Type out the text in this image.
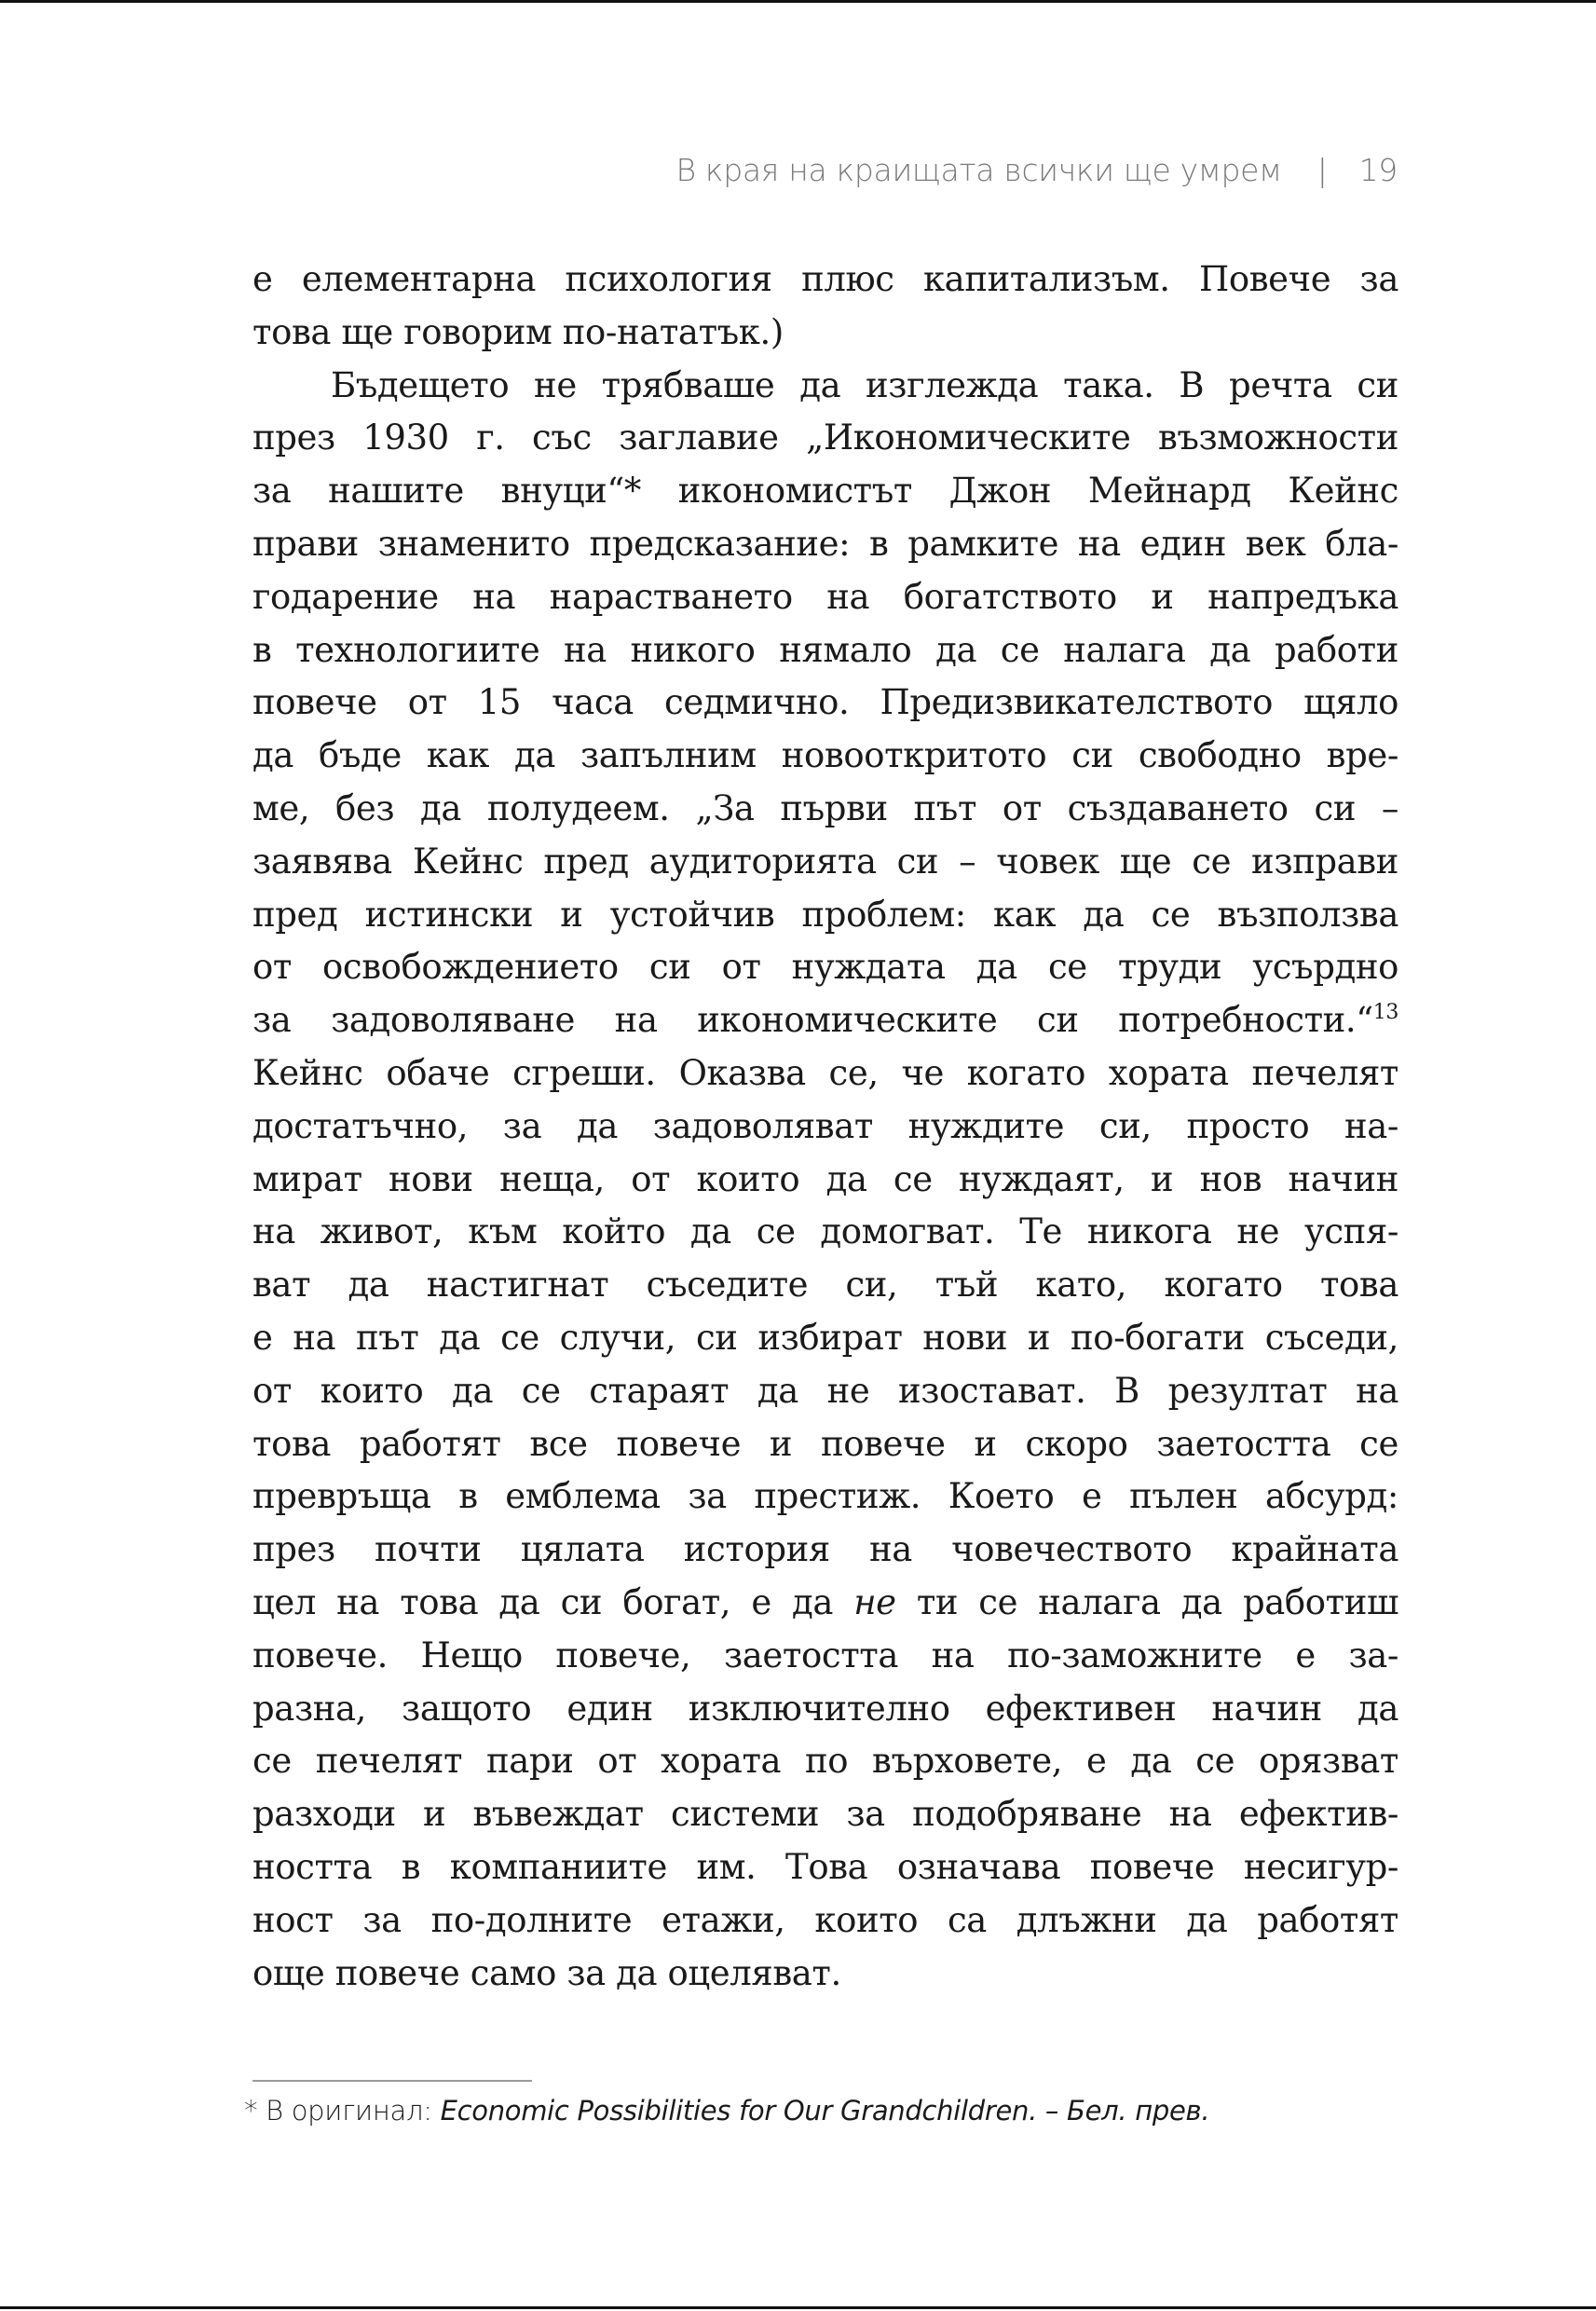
В края на краищата всички ще умрем | 19
е елементарна психология плюс капитализъм. Повече за
това ще говорим по-нататък.)
Бъдещето не трябваше да изглежда така. В речта си
през 1930 г. със заглавие „Икономическите възможности
за нашите внуци“* икономистът Джон Мейнард Кейнс
прави знаменито предсказание: в рамките на един век бла-
годарение на нарастването на богатството и напредъка
в технологиите на никого нямало да се налага да работи
повече от 15 часа седмично. Предизвикателството щяло
да бъде как да запълним новооткритото си свободно вре-
ме, без да полудеем. „За първи път от създаването си –
заявява Кейнс пред аудиторията си – човек ще се изправи
пред истински и устойчив проблем: как да се възползва
от освобождението си от нуждата да се труди усърдно
за задоволяване на икономическите си потребности.“$^{13}$
Кейнс обаче сгреши. Оказва се, че когато хората печелят
достатъчно, за да задоволяват нуждите си, просто на-
мират нови неща, от които да се нуждаят, и нов начин
на живот, към който да се домогват. Те никога не успя-
ват да настигнат съседите си, тъй като, когато това
е на път да се случи, си избират нови и по-богати съседи,
от които да се стараят да не изостават. В резултат на
това работят все повече и повече и скоро заетостта се
превръща в емблема за престиж. Което е пълен абсурд:
през почти цялата история на човечеството крайната
цел на това да си богат, е да не ти се налага да работиш
повече. Нещо повече, заетостта на по-заможните е за-
разна, защото един изключително ефективен начин да
се печелят пари от хората по върховете, е да се орязват
разходи и въвеждат системи за подобряване на ефектив-
ността в компаниите им. Това означава повече несигур-
ност за по-долните етажи, които са длъжни да работят
още повече само за да оцеляват.
* В оригинал: Economic Possibilities for Our Grandchildren. – Бел. прев.
